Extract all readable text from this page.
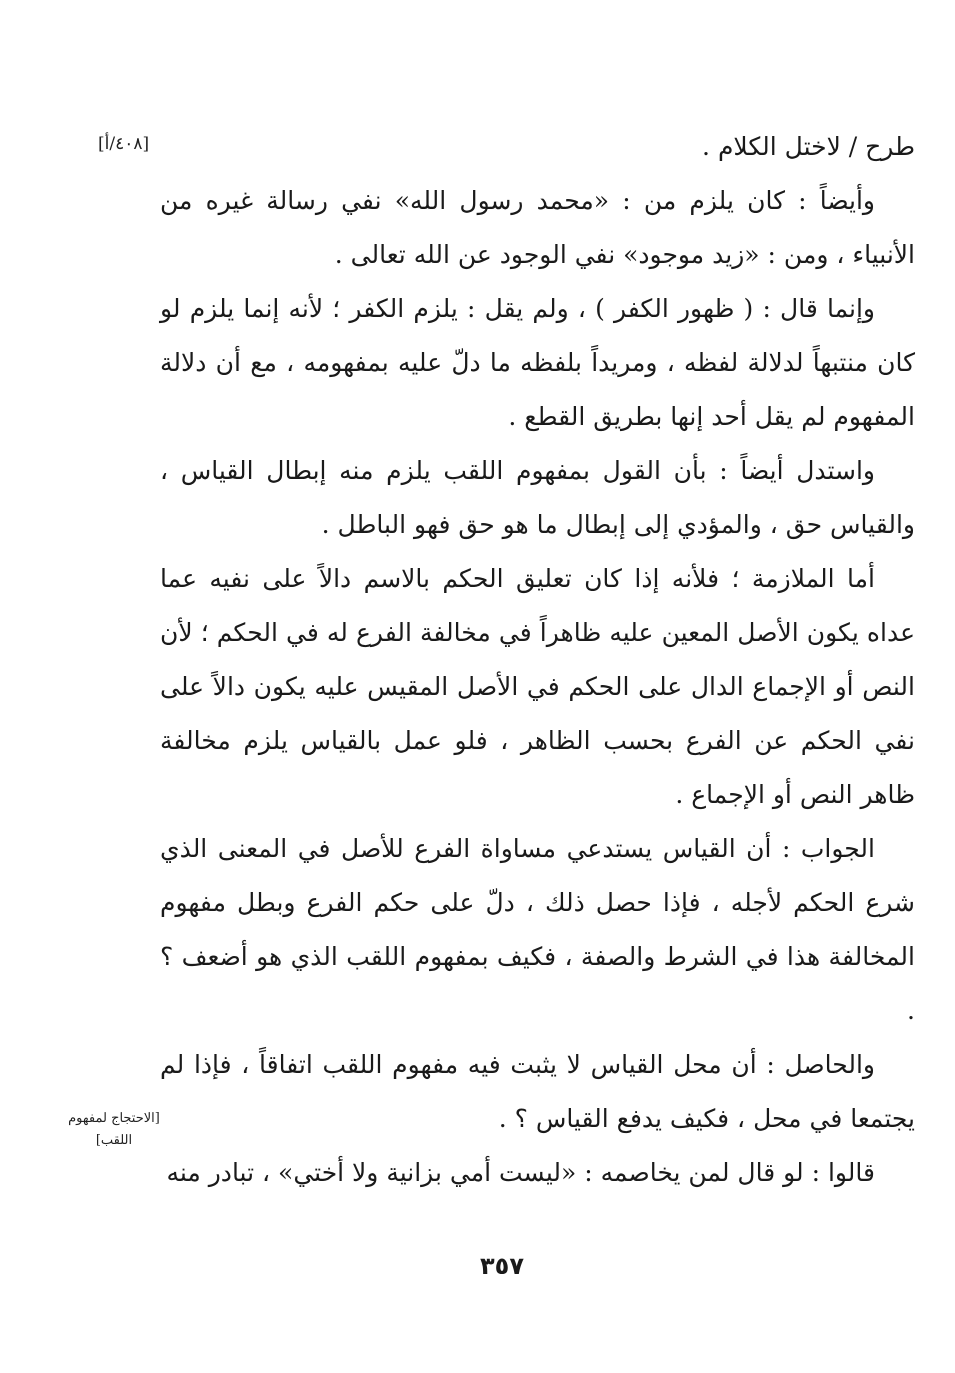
[٤٠٨/أ]	طرح / لاختل الكلام .

وأيضاً : كان يلزم من : «محمد رسول الله» نفي رسالة غيره من الأنبياء ، ومن : «زيد موجود» نفي الوجود عن الله تعالى .

وإنما قال : ( ظهور الكفر ) ، ولم يقل : يلزم الكفر ؛ لأنه إنما يلزم لو كان منتبهاً لدلالة لفظه ، ومريداً بلفظه ما دلّ عليه بمفهومه ، مع أن دلالة المفهوم لم يقل أحد إنها بطريق القطع .

واستدل أيضاً : بأن القول بمفهوم اللقب يلزم منه إبطال القياس ، والقياس حق ، والمؤدي إلى إبطال ما هو حق فهو الباطل .

أما الملازمة ؛ فلأنه إذا كان تعليق الحكم بالاسم دالاً على نفيه عما عداه يكون الأصل المعين عليه ظاهراً في مخالفة الفرع له في الحكم ؛ لأن النص أو الإجماع الدال على الحكم في الأصل المقيس عليه يكون دالاً على نفي الحكم عن الفرع بحسب الظاهر ، فلو عمل بالقياس يلزم مخالفة ظاهر النص أو الإجماع .

الجواب : أن القياس يستدعي مساواة الفرع للأصل في المعنى الذي شرع الحكم لأجله ، فإذا حصل ذلك ، دلّ على حكم الفرع وبطل مفهوم المخالفة هذا في الشرط والصفة ، فكيف بمفهوم اللقب الذي هو أضعف ؟ .

والحاصل : أن محل القياس لا يثبت فيه مفهوم اللقب اتفاقاً ، فإذا لم يجتمعا في محل ، فكيف يدفع القياس ؟ .

قالوا : لو قال لمن يخاصمه : «ليست أمي بزانية ولا أختي» ، تبادر منه

[الاحتجاج لمفهوم اللقب]
٣٥٧
